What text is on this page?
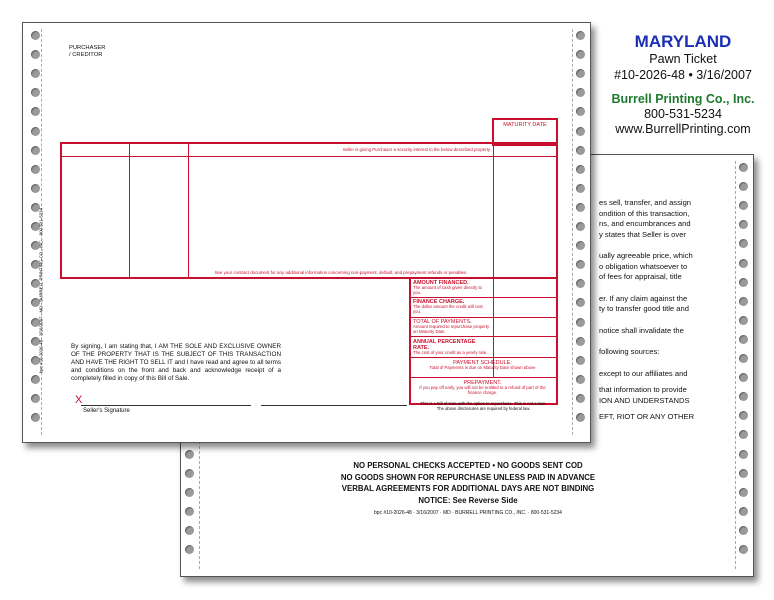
MARYLAND
Pawn Ticket
#10-2026-48 • 3/16/2007
Burrell Printing Co., Inc.
800-531-5234
www.BurrellPrinting.com
es sell, transfer, and assign
ondition of this transaction,
ns, and encumbrances and
y states that Seller is over
ually agreeable price, which
o obligation whatsoever to
of fees for appraisal, title
er. If any claim against the
ty to transfer good title and
notice shall invalidate the
following sources:
except to our affiliates and
that information to provide
ION AND UNDERSTANDS
EFT, RIOT OR ANY OTHER
NO PERSONAL CHECKS ACCEPTED • NO GOODS SENT COD
NO GOODS SHOWN FOR REPURCHASE UNLESS PAID IN ADVANCE
VERBAL AGREEMENTS FOR ADDITIONAL DAYS ARE NOT BINDING
NOTICE: See Reverse Side
bpc #10-2026-48 · 3/16/2007 · MD · BURRELL PRINTING CO., INC. · 800-531-5234
PURCHASER
/ CREDITOR
MATURITY DATE
Seller is giving Purchaser a security interest in the below described property.
See your contract document for any additional information concerning non-payment, default, and prepayment refunds or penalties.
AMOUNT FINANCED.
The amount of cash given directly to you.
FINANCE CHARGE.
The dollar amount the credit will cost you.
TOTAL OF PAYMENTS.
Amount required to repurchase property on Maturity Date.
ANNUAL PERCENTAGE RATE.
The cost of your credit as a yearly rate.
PAYMENT SCHEDULE:
Total of Payments is due on Maturity Date shown above
PREPAYMENT.
If you pay off early, you will not be entitled to a refund of part of the finance charge.
By signing, I am stating that, I AM THE SOLE AND EXCLUSIVE OWNER OF THE PROPERTY THAT IS THE SUBJECT OF THIS TRANSACTION AND HAVE THE RIGHT TO SELL IT and I have read and agree to all terms and conditions on the front and back and acknowledge receipt of a completely filled in copy of this Bill of Sale.
X
Seller's Signature
This is a Bill of Sale with the option to repurchase. This is not a loan.
The above disclosures are required by federal law.
bpc #10-2026-48 · 3/16/2007 · MD · BURRELL PRINTING CO., INC. · 800-531-5234
